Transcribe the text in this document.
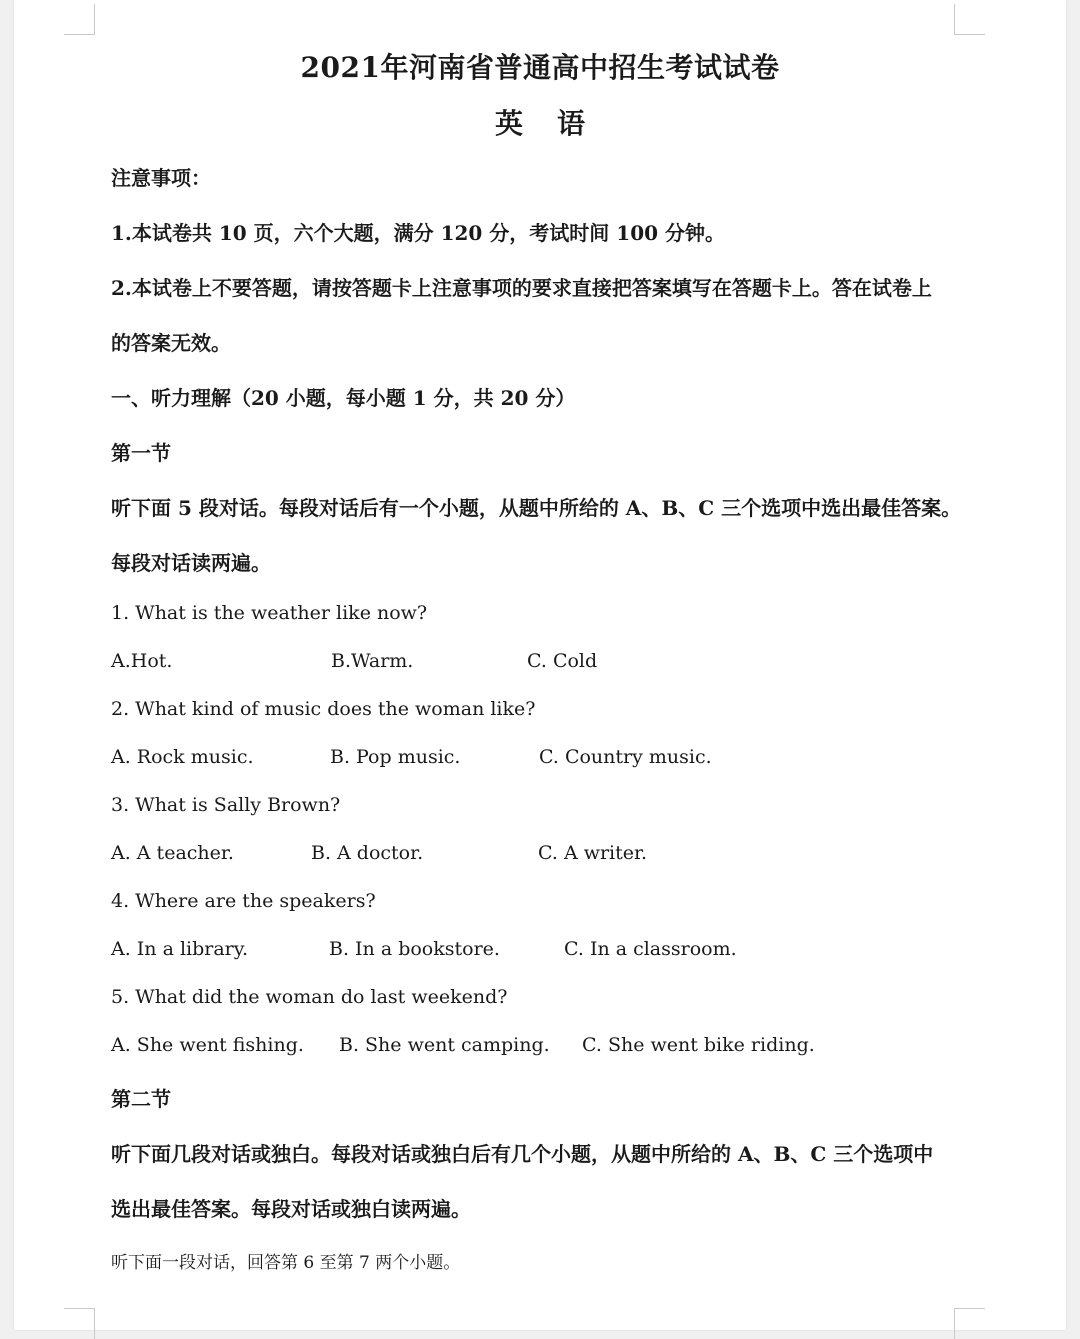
2021年河南省普通高中招生考试试卷
英语
注意事项：
1.本试卷共 10 页，六个大题，满分 120 分，考试时间 100 分钟。
2.本试卷上不要答题，请按答题卡上注意事项的要求直接把答案填写在答题卡上。答在试卷上
的答案无效。
一、听力理解（20 小题，每小题 1 分，共 20 分）
第一节
听下面 5 段对话。每段对话后有一个小题，从题中所给的 A、B、C 三个选项中选出最佳答案。
每段对话读两遍。
1. What is the weather like now?
A.Hot.	B.Warm.	C. Cold
2. What kind of music does the woman like?
A. Rock music.	B. Pop music.	C. Country music.
3. What is Sally Brown?
A. A teacher.	B. A doctor.	C. A writer.
4. Where are the speakers?
A. In a library.	B. In a bookstore.	C. In a classroom.
5. What did the woman do last weekend?
A. She went fishing. B. She went camping. C. She went bike riding.
第二节
听下面几段对话或独白。每段对话或独白后有几个小题，从题中所给的 A、B、C 三个选项中
选出最佳答案。每段对话或独白读两遍。
听下面一段对话，回答第 6 至第 7 两个小题。
